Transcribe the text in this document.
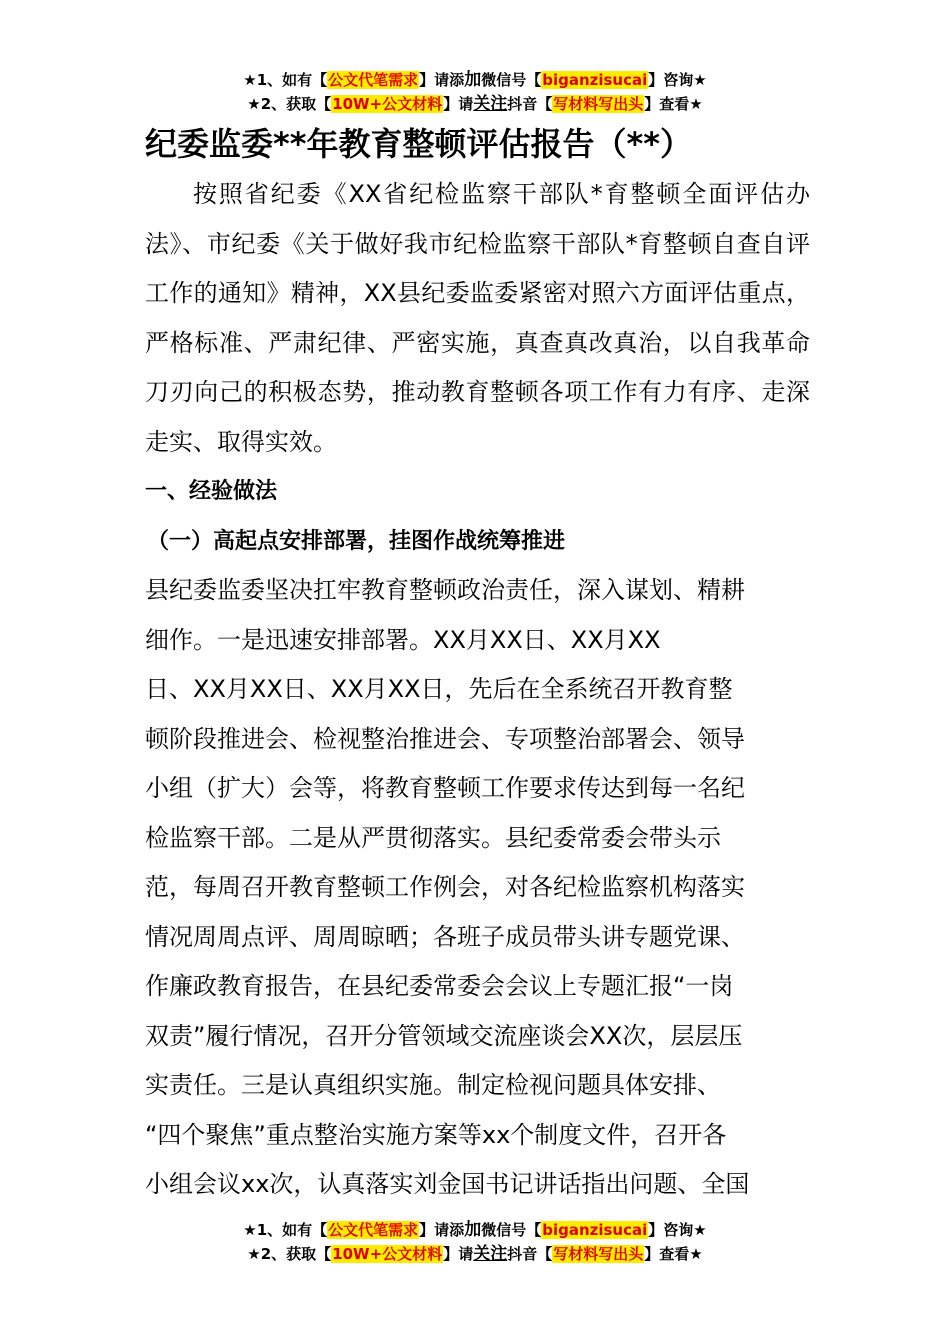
★1、如有【公文代笔需求】请添加微信号【biganzisucai】咨询★
★2、获取【10W+公文材料】请关注抖音【写材料写出头】查看★
纪委监委**年教育整顿评估报告（**）

按照省纪委《XX省纪检监察干部队*育整顿全面评估办法》、市纪委《关于做好我市纪检监察干部队*育整顿自查自评工作的通知》精神，XX县纪委监委紧密对照六方面评估重点，严格标准、严肃纪律、严密实施，真查真改真治，以自我革命刀刃向己的积极态势，推动教育整顿各项工作有力有序、走深走实、取得实效。

一、经验做法
（一）高起点安排部署，挂图作战统筹推进
县纪委监委坚决扛牢教育整顿政治责任，深入谋划、精耕
细作。一是迅速安排部署。XX月XX日、XX月XX
日、XX月XX日、XX月XX日，先后在全系统召开教育整
顿阶段推进会、检视整治推进会、专项整治部署会、领导
小组（扩大）会等，将教育整顿工作要求传达到每一名纪
检监察干部。二是从严贯彻落实。县纪委常委会带头示
范，每周召开教育整顿工作例会，对各纪检监察机构落实
情况周周点评、周周晾晒；各班子成员带头讲专题党课、
作廉政教育报告，在县纪委常委会会议上专题汇报“一岗
双责”履行情况，召开分管领域交流座谈会XX次，层层压
实责任。三是认真组织实施。制定检视问题具体安排、
“四个聚焦”重点整治实施方案等xx个制度文件，召开各
小组会议xx次，认真落实刘金国书记讲话指出问题、全国
★1、如有【公文代笔需求】请添加微信号【biganzisucai】咨询★
★2、获取【10W+公文材料】请关注抖音【写材料写出头】查看★
